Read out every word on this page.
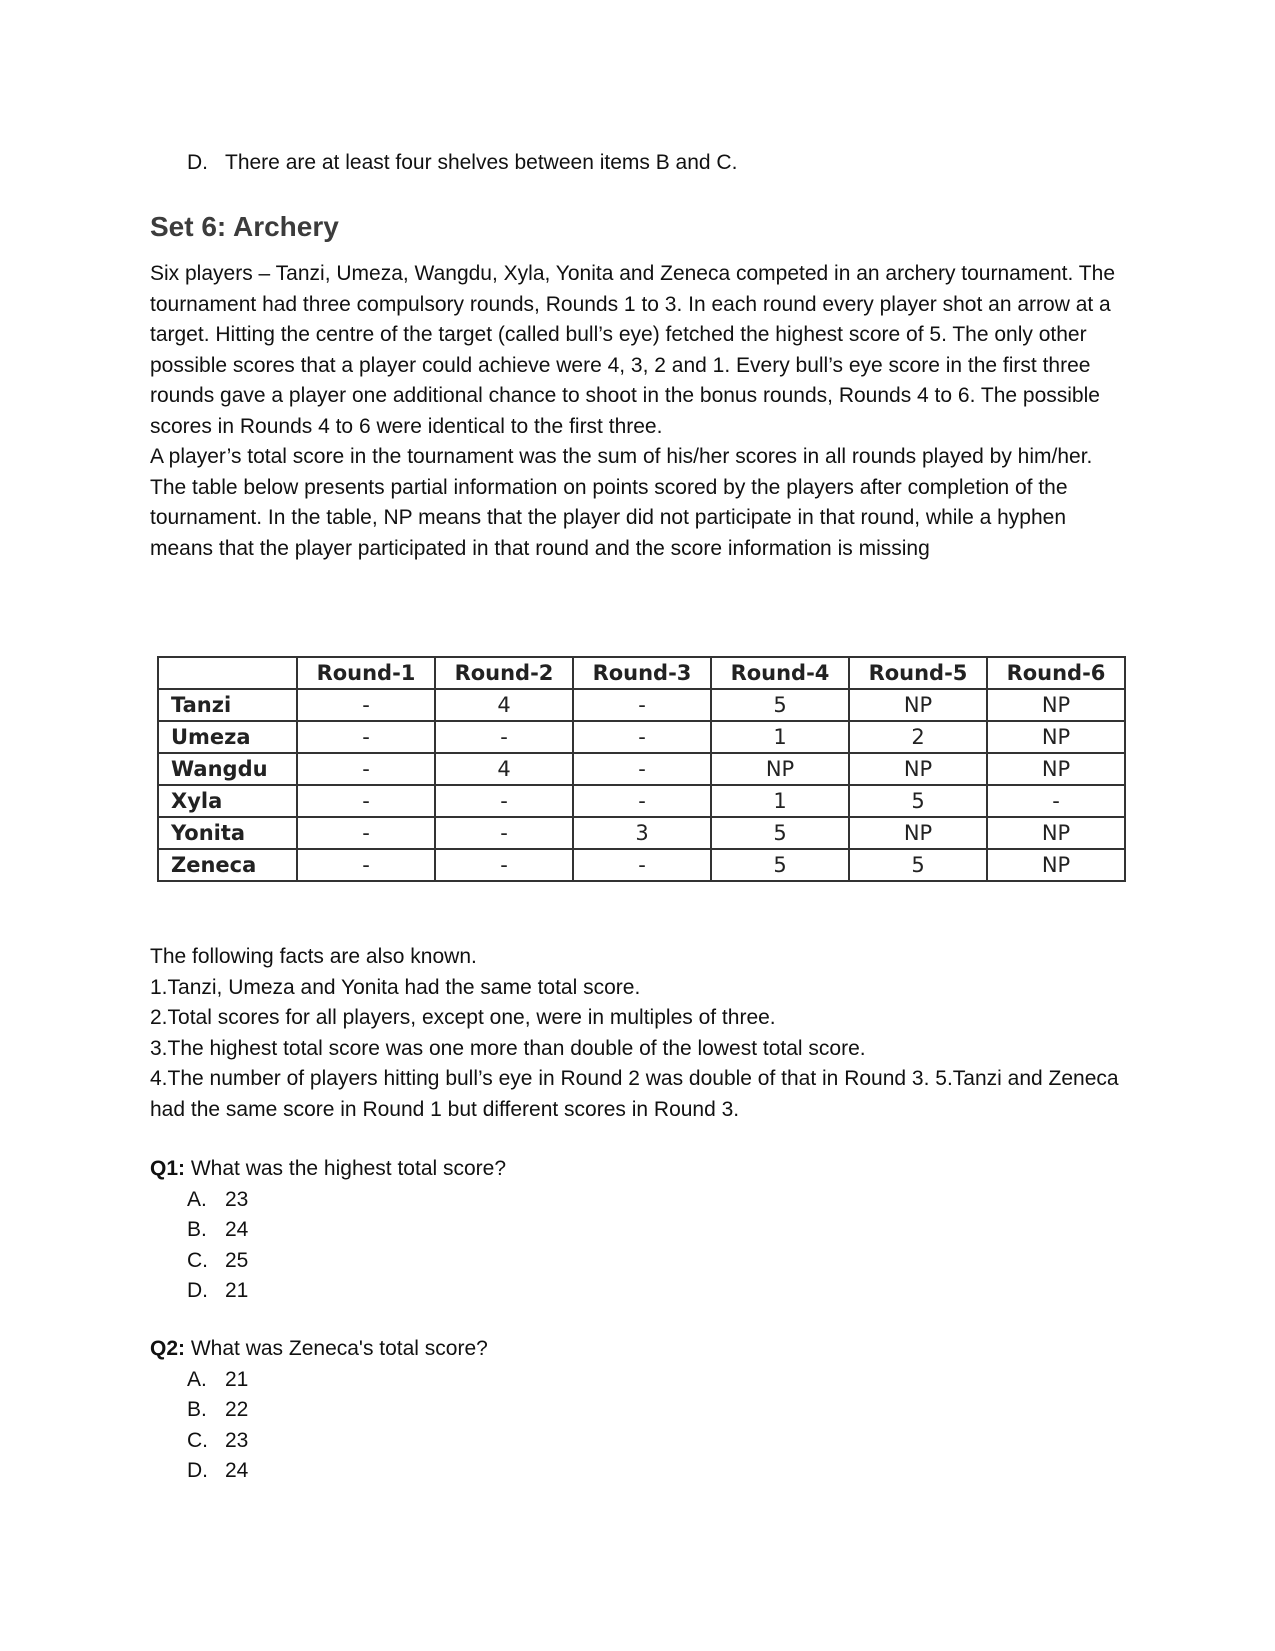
D. There are at least four shelves between items B and C.
Set 6: Archery

Six players – Tanzi, Umeza, Wangdu, Xyla, Yonita and Zeneca competed in an archery tournament. The tournament had three compulsory rounds, Rounds 1 to 3. In each round every player shot an arrow at a target. Hitting the centre of the target (called bull’s eye) fetched the highest score of 5. The only other possible scores that a player could achieve were 4, 3, 2 and 1. Every bull’s eye score in the first three rounds gave a player one additional chance to shoot in the bonus rounds, Rounds 4 to 6. The possible scores in Rounds 4 to 6 were identical to the first three.

A player’s total score in the tournament was the sum of his/her scores in all rounds played by him/her. The table below presents partial information on points scored by the players after completion of the tournament. In the table, NP means that the player did not participate in that round, while a hyphen means that the player participated in that round and the score information is missing

	Round-1	Round-2	Round-3	Round-4	Round-5	Round-6
Tanzi	-	4	-	5	NP	NP
Umeza	-	-	-	1	2	NP
Wangdu	-	4	-	NP	NP	NP
Xyla	-	-	-	1	5	-
Yonita	-	-	3	5	NP	NP
Zeneca	-	-	-	5	5	NP

The following facts are also known.

1.Tanzi, Umeza and Yonita had the same total score.

2.Total scores for all players, except one, were in multiples of three.

3.The highest total score was one more than double of the lowest total score.

4.The number of players hitting bull’s eye in Round 2 was double of that in Round 3. 5.Tanzi and Zeneca had the same score in Round 1 but different scores in Round 3.

Q1: What was the highest total score?

A. 23
B. 24
C. 25
D. 21

Q2: What was Zeneca's total score?

A. 21
B. 22
C. 23
D. 24
